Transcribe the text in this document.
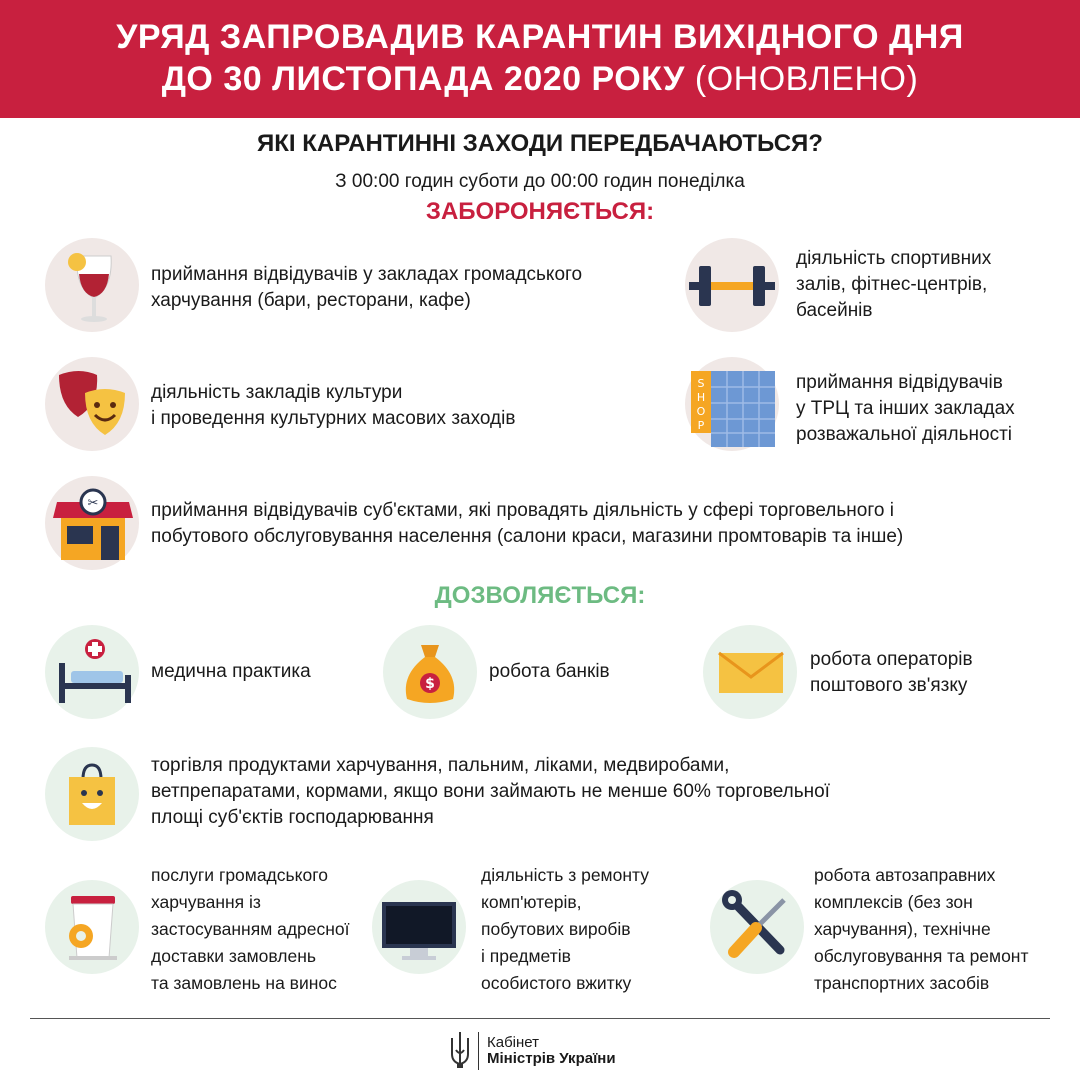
УРЯД ЗАПРОВАДИВ КАРАНТИН ВИХІДНОГО ДНЯ
ДО 30 ЛИСТОПАДА 2020 РОКУ (ОНОВЛЕНО)
ЯКІ КАРАНТИННІ ЗАХОДИ ПЕРЕДБАЧАЮТЬСЯ?
З 00:00 годин суботи до 00:00 годин понеділка
ЗАБОРОНЯЄТЬСЯ:
приймання відвідувачів у закладах громадського
харчування (бари, ресторани, кафе)
діяльність спортивних
залів, фітнес-центрів,
басейнів
діяльність закладів культури
і проведення культурних масових заходів
S
H
O
P
приймання відвідувачів
у ТРЦ та інших закладах
розважальної діяльності
✂	приймання відвідувачів суб'єктами, які провадять діяльність у сфері торговельного і
побутового обслуговування населення (салони краси, магазини промтоварів та інше)
ДОЗВОЛЯЄТЬСЯ:
медична практика
$
робота банків
робота операторів
поштового зв'язку
торгівля продуктами харчування, пальним, ліками, медвиробами,
ветпрепаратами, кормами, якщо вони займають не менше 60% торговельної
площі суб'єктів господарювання
послуги громадського
харчування із
застосуванням адресної
доставки замовлень
та замовлень на винос
діяльність з ремонту
комп'ютерів,
побутових виробів
і предметів
особистого вжитку
робота автозаправних
комплексів (без зон
харчування), технічне
обслуговування та ремонт
транспортних засобів
Кабінет
Міністрів України
